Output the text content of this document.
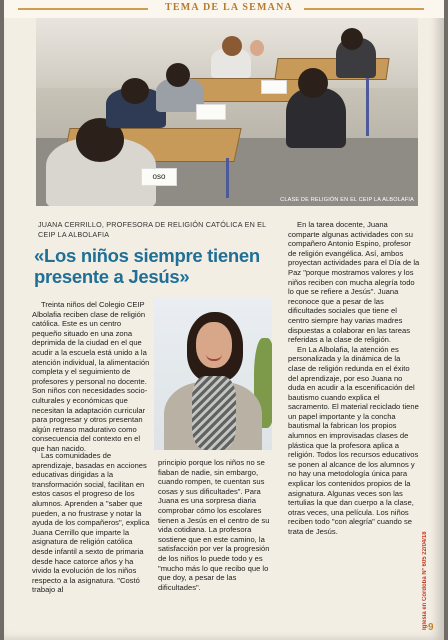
TEMA DE LA SEMANA
oso
CLASE DE RELIGIÓN EN EL CEIP LA ALBOLAFIA
JUANA CERRILLO, PROFESORA DE RELIGIÓN CATÓLICA EN EL CEIP LA ALBOLAFIA
«Los niños siempre tienen presente a Jesús»

Treinta niños del Colegio CEIP Albolafia reciben clase de religión católica. Este es un centro pequeño situado en una zona deprimida de la ciudad en el que acudir a la escuela está unido a la atención individual, la alimentación completa y el seguimiento de profesores y personal no docente. Son niños con necesidades socio-culturales y económicas que necesitan la adaptación curricular para progresar y otros presentan algún retraso madurativo como consecuencia del contexto en el que han nacido.

Las comunidades de aprendizaje, basadas en acciones educativas dirigidas a la transformación social, facilitan en estos casos el progreso de los alumnos. Aprenden a "saber que pueden, a no frustrase y notar la ayuda de los compañeros", explica Juana Cerrillo que imparte la asignatura de religión católica desde infantil a sexto de primaria desde hace catorce años y ha vivido la evolución de los niños respecto a la asignatura. "Costó trabajo al

principio porque los niños no se fiaban de nadie, sin embargo, cuando rompen, te cuentan sus cosas y sus dificultades". Para Juana es una sorpresa diaria comprobar cómo los escolares tienen a Jesús en el centro de su vida cotidiana. La profesora sostiene que en este camino, la satisfacción por ver la progresión de los niños lo puede todo y es "mucho más lo que recibo que lo que doy, a pesar de las dificultades".

En la tarea docente, Juana comparte algunas actividades con su compañero Antonio Espino, profesor de religión evangélica. Así, ambos proyectan actividades para el Día de la Paz "porque mostramos valores y los niños reciben con mucha alegría todo lo que se refiere a Jesús". Juana reconoce que a pesar de las dificultades sociales que tiene el centro siempre hay varias madres dispuestas a colaborar en las tareas referidas a la clase de religión.

En La Albolafia, la atención es personalizada y la dinámica de la clase de religión redunda en el éxito del aprendizaje, por eso Juana no duda en acudir a la escenificación del bautismo cuando explica el sacramento. El material reciclado tiene un papel importante y la concha bautismal la fabrican los propios alumnos en improvisadas clases de plástica que la profesora aplica a religión. Todos los recursos educativos se ponen al alcance de los alumnos y no hay una metodología única para explicar los contenidos propios de la asignatura. Algunas veces son las tertulias la que dan cuerpo a la clase, otras veces, una película. Los niños reciben todo "con alegría" cuando se trata de Jesús.

Iglesia en Córdoba Nº 605 22/04/18
9
